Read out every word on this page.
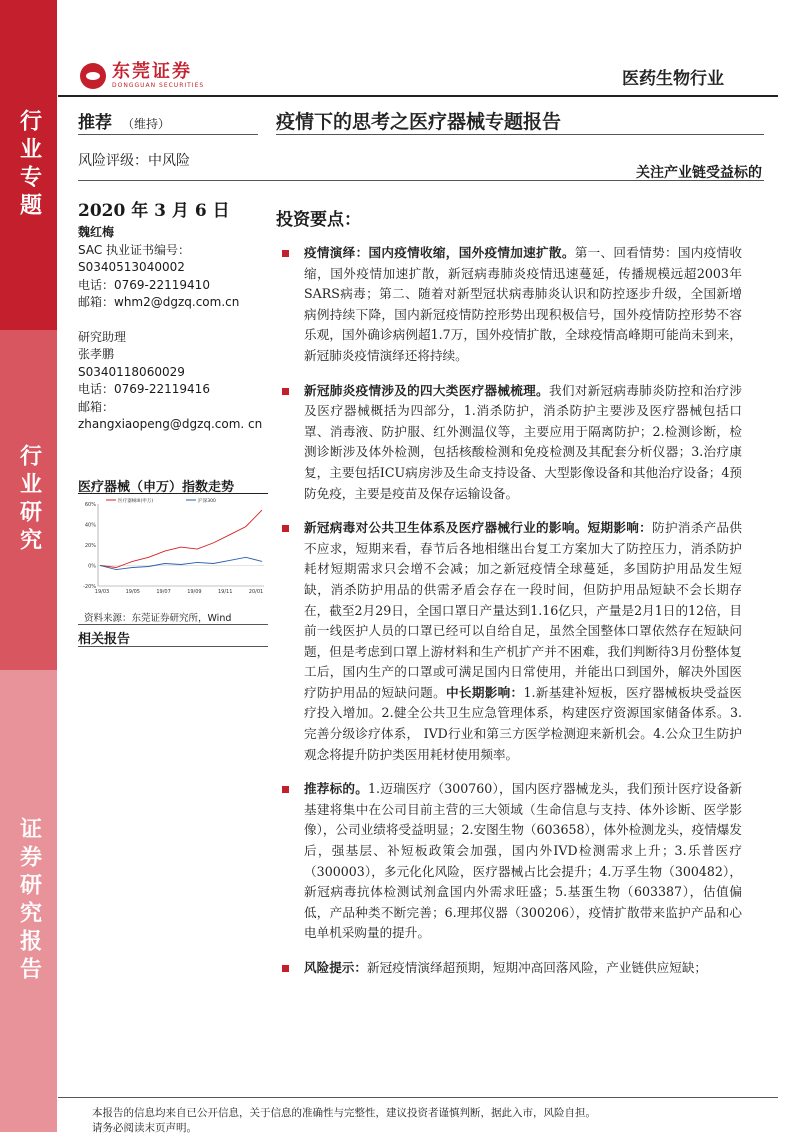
行业专题
行业研究
证券研究报告
东莞证券
DONGGUAN SECURITIES	医药生物行业
推荐 （维持）	疫情下的思考之医疗器械专题报告
风险评级：中风险
关注产业链受益标的
2020 年 3 月 6 日
魏红梅
SAC 执业证书编号：
S0340513040002
电话：0769-22119410
邮箱：whm2@dgzq.com.cn
研究助理
张孝鹏
S0340118060029
电话：0769-22119416
邮箱：
zhangxiaopeng@dgzq.com. cn
医疗器械（申万）指数走势
60%
40%
20%
0%
-20%
19/03	19/05	19/07	19/09	19/11	20/01
医疗器械III(申万)	沪深300
资料来源：东莞证券研究所，Wind
相关报告
投资要点：
疫情演绎：国内疫情收缩，国外疫情加速扩散。第一、回看情势：国内疫情收缩，国外疫情加速扩散，新冠病毒肺炎疫情迅速蔓延，传播规模远超2003年SARS病毒；第二、随着对新型冠状病毒肺炎认识和防控逐步升级，全国新增病例持续下降，国内新冠疫情防控形势出现积极信号，国外疫情防控形势不容乐观，国外确诊病例超1.7万，国外疫情扩散，全球疫情高峰期可能尚未到来，新冠肺炎疫情演绎还将持续。
新冠肺炎疫情涉及的四大类医疗器械梳理。我们对新冠病毒肺炎防控和治疗涉及医疗器械概括为四部分，1.消杀防护，消杀防护主要涉及医疗器械包括口罩、消毒液、防护服、红外测温仪等，主要应用于隔离防护；2.检测诊断，检测诊断涉及体外检测，包括核酸检测和免疫检测及其配套分析仪器；3.治疗康复，主要包括ICU病房涉及生命支持设备、大型影像设备和其他治疗设备；4预防免疫，主要是疫苗及保存运输设备。
新冠病毒对公共卫生体系及医疗器械行业的影响。短期影响：防护消杀产品供不应求，短期来看，春节后各地相继出台复工方案加大了防控压力，消杀防护耗材短期需求只会增不会减；加之新冠疫情全球蔓延，多国防护用品发生短缺，消杀防护用品的供需矛盾会存在一段时间，但防护用品短缺不会长期存在，截至2月29日，全国口罩日产量达到1.16亿只，产量是2月1日的12倍，目前一线医护人员的口罩已经可以自给自足，虽然全国整体口罩依然存在短缺问题，但是考虑到口罩上游材料和生产机扩产并不困难，我们判断待3月份整体复工后，国内生产的口罩或可满足国内日常使用，并能出口到国外，解决外国医疗防护用品的短缺问题。中长期影响：1.新基建补短板，医疗器械板块受益医疗投入增加。2.健全公共卫生应急管理体系，构建医疗资源国家储备体系。3.完善分级诊疗体系， IVD行业和第三方医学检测迎来新机会。4.公众卫生防护观念将提升防护类医用耗材使用频率。
推荐标的。1.迈瑞医疗（300760），国内医疗器械龙头，我们预计医疗设备新基建将集中在公司目前主营的三大领域（生命信息与支持、体外诊断、医学影像），公司业绩将受益明显；2.安图生物（603658），体外检测龙头，疫情爆发后，强基层、补短板政策会加强，国内外IVD检测需求上升；3.乐普医疗（300003），多元化化风险，医疗器械占比会提升；4.万孚生物（300482），新冠病毒抗体检测试剂盒国内外需求旺盛；5.基蛋生物（603387），估值偏低，产品种类不断完善；6.理邦仪器（300206），疫情扩散带来监护产品和心电单机采购量的提升。
风险提示：新冠疫情演绎超预期，短期冲高回落风险，产业链供应短缺；
本报告的信息均来自已公开信息，关于信息的准确性与完整性，建议投资者谨慎判断，据此入市，风险自担。
请务必阅读末页声明。
